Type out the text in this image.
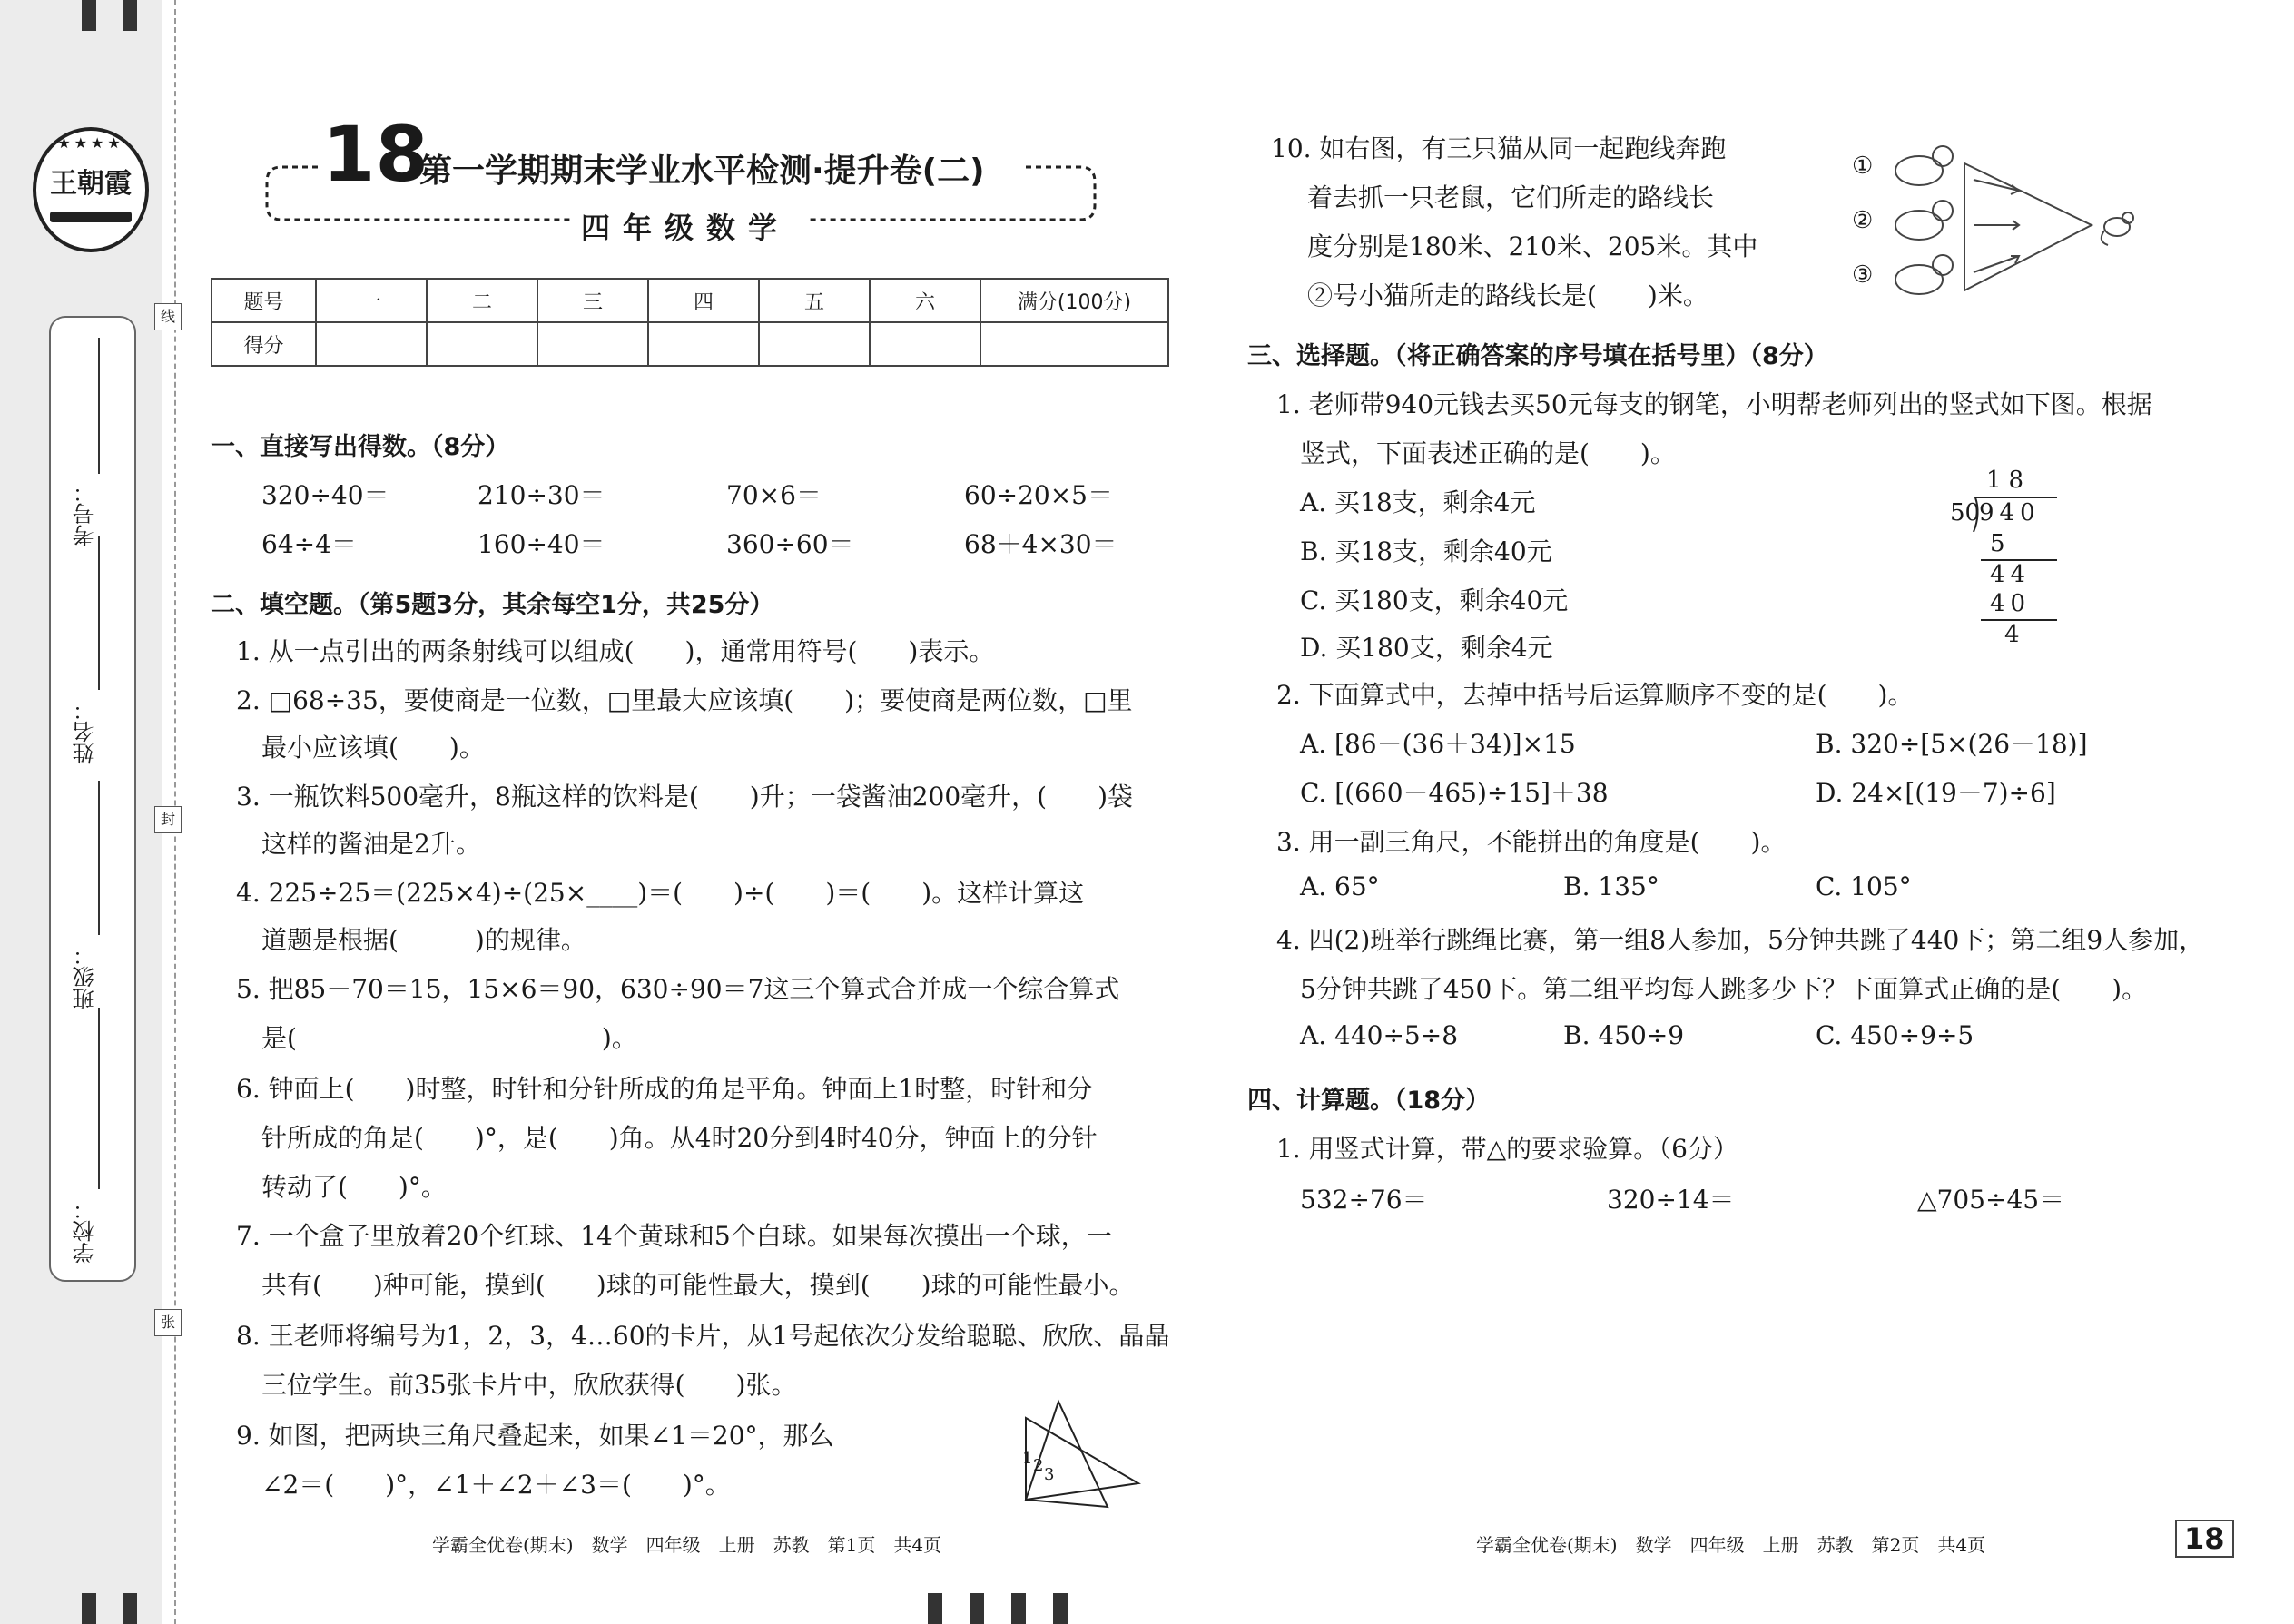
★★★★
王朝霞
考号：
姓名：
班级：
学校：
线
封
张
18
第一学期期末学业水平检测·提升卷(二)
四年级数学
题号	一	二	三	四	五	六	满分(100分)
得分							
一、直接写出得数。（8分）
320÷40＝	210÷30＝	70×6＝	60÷20×5＝
64÷4＝	160÷40＝	360÷60＝	68＋4×30＝
二、填空题。（第5题3分，其余每空1分，共25分）
1. 从一点引出的两条射线可以组成(　　)，通常用符号(　　)表示。
2. □68÷35，要使商是一位数，□里最大应该填(　　)；要使商是两位数，□里
最小应该填(　　)。
3. 一瓶饮料500毫升，8瓶这样的饮料是(　　)升；一袋酱油200毫升，(　　)袋
这样的酱油是2升。
4. 225÷25＝(225×4)÷(25×____)＝(　　)÷(　　)＝(　　)。这样计算这
道题是根据(　　　)的规律。
5. 把85－70＝15，15×6＝90，630÷90＝7这三个算式合并成一个综合算式
是(　　　　　　　　　　　　)。
6. 钟面上(　　)时整，时针和分针所成的角是平角。钟面上1时整，时针和分
针所成的角是(　　)°，是(　　)角。从4时20分到4时40分，钟面上的分针
转动了(　　)°。
7. 一个盒子里放着20个红球、14个黄球和5个白球。如果每次摸出一个球，一
共有(　　)种可能，摸到(　　)球的可能性最大，摸到(　　)球的可能性最小。
8. 王老师将编号为1，2，3，4…60的卡片，从1号起依次分发给聪聪、欣欣、晶晶
三位学生。前35张卡片中，欣欣获得(　　)张。
9. 如图，把两块三角尺叠起来，如果∠1＝20°，那么
∠2＝(　　)°，∠1＋∠2＋∠3＝(　　)°。
1 2 3
学霸全优卷(期末)　数学　四年级　上册　苏教　第1页　共4页
10. 如右图，有三只猫从同一起跑线奔跑
着去抓一只老鼠，它们所走的路线长
度分别是180米、210米、205米。其中
②号小猫所走的路线长是(　　)米。
①
②
③
三、选择题。（将正确答案的序号填在括号里）（8分）
1. 老师带940元钱去买50元每支的钢笔，小明帮老师列出的竖式如下图。根据
竖式，下面表述正确的是(　　)。
A. 买18支，剩余4元
B. 买18支，剩余40元
C. 买180支，剩余40元
D. 买180支，剩余4元
18
50
940
5
44
40
4
2. 下面算式中，去掉中括号后运算顺序不变的是(　　)。
A. [86－(36＋34)]×15	B. 320÷[5×(26－18)]
C. [(660－465)÷15]＋38	D. 24×[(19－7)÷6]
3. 用一副三角尺，不能拼出的角度是(　　)。
A. 65°	B. 135°	C. 105°
4. 四(2)班举行跳绳比赛，第一组8人参加，5分钟共跳了440下；第二组9人参加，
5分钟共跳了450下。第二组平均每人跳多少下？下面算式正确的是(　　)。
A. 440÷5÷8	B. 450÷9	C. 450÷9÷5
四、计算题。（18分）
1. 用竖式计算，带△的要求验算。（6分）
532÷76＝	320÷14＝	△705÷45＝
学霸全优卷(期末)　数学　四年级　上册　苏教　第2页　共4页	18
